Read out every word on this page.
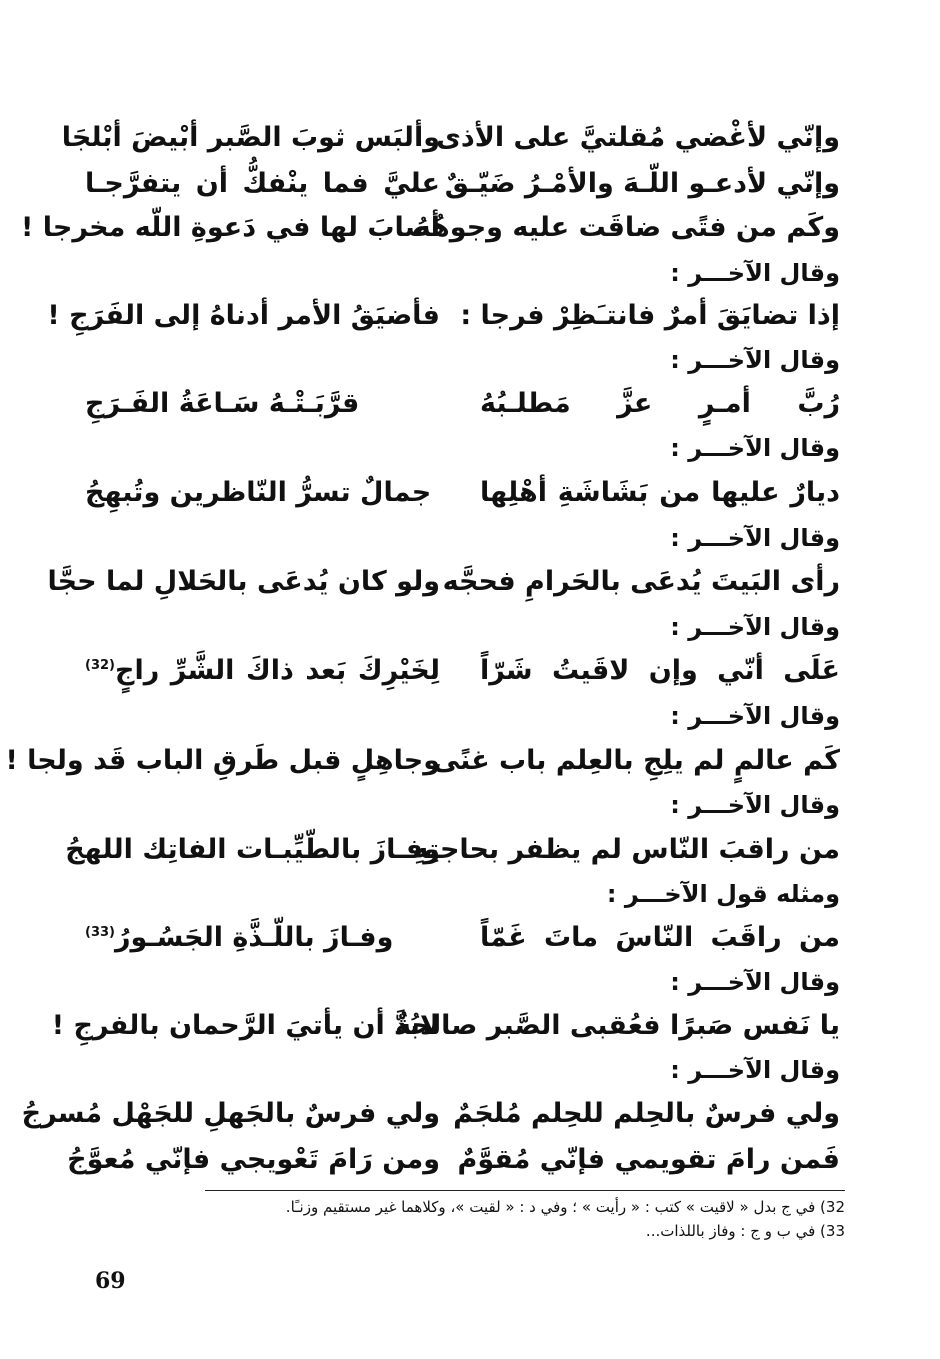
وإنّي لأغْضي مُقلتيَّ على الأذى
وألبَس ثوبَ الصَّبر أبْيضَ أبْلجَا
وإنّي لأدعـو اللّـهَ والأمْـرُ ضَيّـقٌ
عليَّ فما ينْفكُّ أن يتفرَّجـا
وكَم من فتًى ضاقَت عليه وجوهُهُ
أصابَ لها في دَعوةِ اللّه مخرجا !
وقال الآخـــر :
إذا تضايَقَ أمرٌ فانتـَظِرْ فرجا :
فأضيَقُ الأمر أدناهُ إلى الفَرَجِ !
وقال الآخـــر :
رُبَّ أمـرٍ عزَّ مَطلـبُهُ
قرَّبَـتْـهُ سَـاعَةُ الفَـرَجِ
وقال الآخـــر :
ديارٌ عليها من بَشَاشَةِ أهْلِها
جمالٌ تسرُّ النّاظرين وتُبهِجُ
وقال الآخـــر :
رأى البَيتَ يُدعَى بالحَرامِ فحجَّه
ولو كان يُدعَى بالحَلالِ لما حجَّا
وقال الآخـــر :
عَلَى أنّي وإن لاقَيتُ شَرّاً
لِخَيْرِكَ بَعد ذاكَ الشَّرِّ راجٍ$^{(32)}$
وقال الآخـــر :
كَم عالمٍ لم يلِجِ بالعِلم باب غنًى
وجاهِلٍ قبل طَرقِ الباب قَد ولجا !
وقال الآخـــر :
من راقبَ النّاس لم يظفر بحاجتِهِ
وفـازَ بالطّيِّبـات الفاتِك اللهجُ
ومثله قول الآخـــر :
من راقَبَ النّاسَ ماتَ غَمّاً
وفـازَ باللّـذَّةِ الجَسُـورُ$^{(33)}$
وقال الآخـــر :
يا نَفس صَبرًا فعُقبى الصَّبر صالحةٌ
لابُدَّ أن يأتيَ الرَّحمان بالفرجِ !
وقال الآخـــر :
ولي فرسٌ بالحِلم للحِلم مُلجَمٌ
ولي فرسٌ بالجَهلِ للجَهْل مُسرجُ
فَمن رامَ تقويمي فإنّي مُقوَّمٌ
ومن رَامَ تَعْويجي فإنّي مُعوَّجُ
32) في ج بدل « لاقيت » كتب : « رأيت » ؛ وفي د : « لقيت »، وكلاهما غير مستقيم وزنـًا.
33) في ب و ج : وفاز باللذات...
69
